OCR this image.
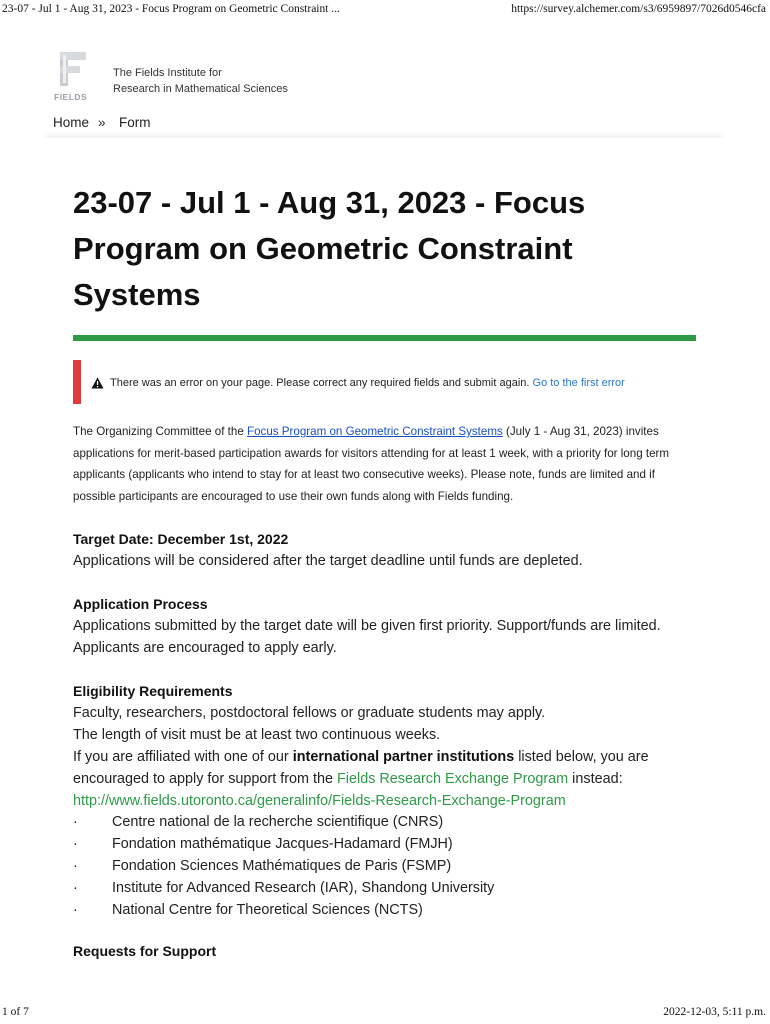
23-07 - Jul 1 - Aug 31, 2023 - Focus Program on Geometric Constraint ...	https://survey.alchemer.com/s3/6959897/7026d0546cfa
FIELDS
The Fields Institute for
Research in Mathematical Sciences
Home » Form
23-07 - Jul 1 - Aug 31, 2023 - Focus Program on Geometric Constraint Systems
There was an error on your page. Please correct any required fields and submit again. Go to the first error
The Organizing Committee of the Focus Program on Geometric Constraint Systems (July 1 - Aug 31, 2023) invites applications for merit-based participation awards for visitors attending for at least 1 week, with a priority for long term applicants (applicants who intend to stay for at least two consecutive weeks). Please note, funds are limited and if possible participants are encouraged to use their own funds along with Fields funding.
Target Date: December 1st, 2022
Applications will be considered after the target deadline until funds are depleted.
Application Process
Applications submitted by the target date will be given first priority. Support/funds are limited. Applicants are encouraged to apply early.
Eligibility Requirements
Faculty, researchers, postdoctoral fellows or graduate students may apply.
The length of visit must be at least two continuous weeks.
If you are affiliated with one of our international partner institutions listed below, you are encouraged to apply for support from the Fields Research Exchange Program instead:
http://www.fields.utoronto.ca/generalinfo/Fields-Research-Exchange-Program
· Centre national de la recherche scientifique (CNRS)
· Fondation mathématique Jacques-Hadamard (FMJH)
· Fondation Sciences Mathématiques de Paris (FSMP)
· Institute for Advanced Research (IAR), Shandong University
· National Centre for Theoretical Sciences (NCTS)
Requests for Support
1 of 7	2022-12-03, 5:11 p.m.
